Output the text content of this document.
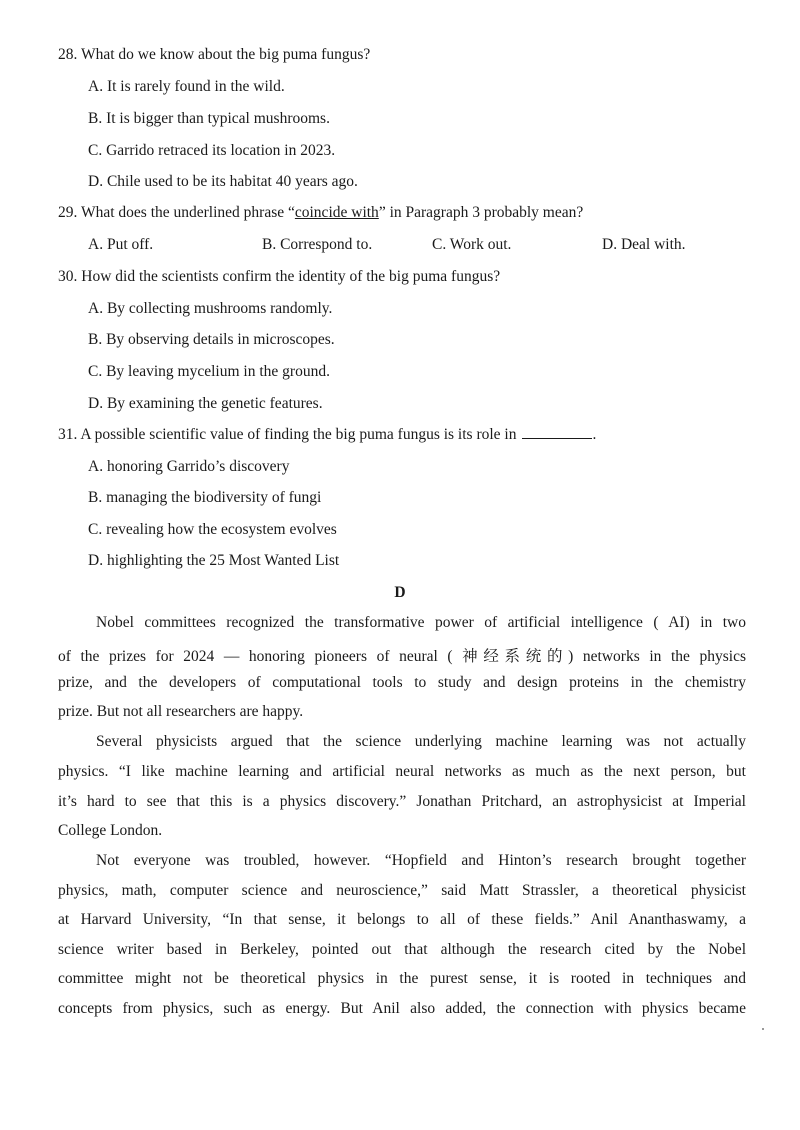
28. What do we know about the big puma fungus?
A. It is rarely found in the wild.
B. It is bigger than typical mushrooms.
C. Garrido retraced its location in 2023.
D. Chile used to be its habitat 40 years ago.
29. What does the underlined phrase “coincide with” in Paragraph 3 probably mean?
A. Put off.	B. Correspond to.	C. Work out.	D. Deal with.
30. How did the scientists confirm the identity of the big puma fungus?
A. By collecting mushrooms randomly.
B. By observing details in microscopes.
C. By leaving mycelium in the ground.
D. By examining the genetic features.
31. A possible scientific value of finding the big puma fungus is its role in	.
A. honoring Garrido’s discovery
B. managing the biodiversity of fungi
C. revealing how the ecosystem evolves
D. highlighting the 25 Most Wanted List
D
Nobel committees recognized the transformative power of artificial intelligence ( AI) in two
of the prizes for 2024 — honoring pioneers of neural ( 神经系统的) networks in the physics
prize, and the developers of computational tools to study and design proteins in the chemistry
prize. But not all researchers are happy.
Several physicists argued that the science underlying machine learning was not actually
physics. “I like machine learning and artificial neural networks as much as the next person, but
it’s hard to see that this is a physics discovery.” Jonathan Pritchard, an astrophysicist at Imperial
College London.
Not everyone was troubled, however. “Hopfield and Hinton’s research brought together
physics, math, computer science and neuroscience,” said Matt Strassler, a theoretical physicist
at Harvard University, “In that sense, it belongs to all of these fields.” Anil Ananthaswamy, a
science writer based in Berkeley, pointed out that although the research cited by the Nobel
committee might not be theoretical physics in the purest sense, it is rooted in techniques and
concepts from physics, such as energy. But Anil also added, the connection with physics became
